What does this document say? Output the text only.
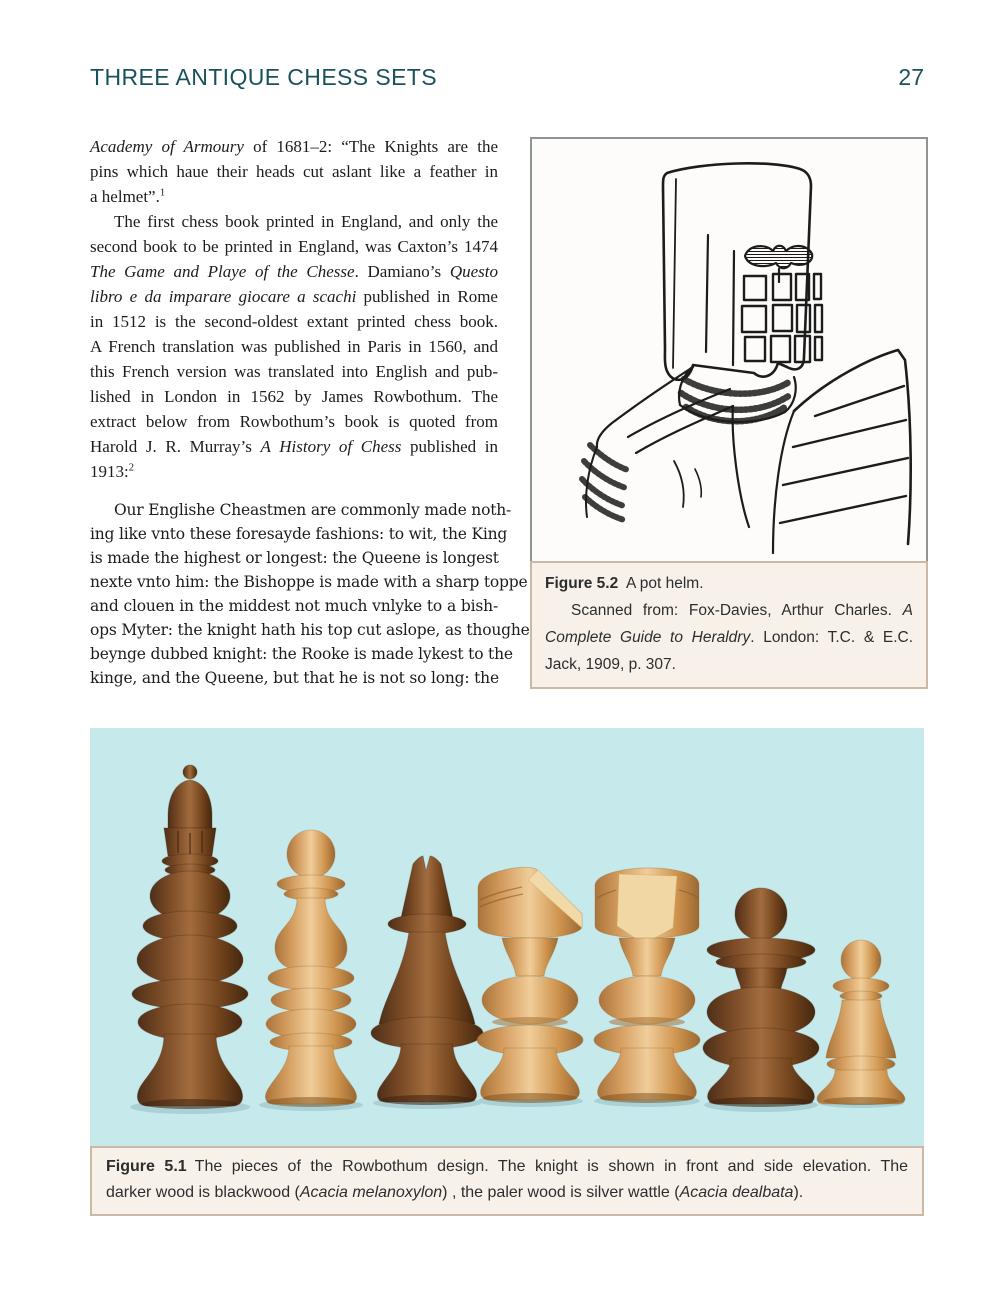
THREE ANTIQUE CHESS SETS	27
Academy of Armoury of 1681–2: “The Knights are the
pins which haue their heads cut aslant like a feather in
a helmet”.$^1$
The first chess book printed in England, and only the
second book to be printed in England, was Caxton’s 1474
The Game and Playe of the Chesse. Damiano’s Questo
libro e da imparare giocare a scachi published in Rome
in 1512 is the second-oldest extant printed chess book.
A French translation was published in Paris in 1560, and
this French version was translated into English and pub-
lished in London in 1562 by James Rowbothum. The
extract below from Rowbothum’s book is quoted from
Harold J. R. Murray’s A History of Chess published in
1913:$^2$
Our Englishe Cheastmen are commonly made noth-
ing like vnto these foresayde fashions: to wit, the King
is made the highest or longest: the Queene is longest
nexte vnto him: the Bishoppe is made with a sharp toppe
and clouen in the middest not much vnlyke to a bish-
ops Myter: the knight hath his top cut aslope, as thoughe
beynge dubbed knight: the Rooke is made lykest to the
kinge, and the Queene, but that he is not so long: the
Figure 5.2 A pot helm.
Scanned from: Fox-Davies, Arthur Charles. A
Complete Guide to Heraldry. London: T.C. & E.C.
Jack, 1909, p. 307.
Figure 5.1 The pieces of the Rowbothum design. The knight is shown in front and side elevation. The
darker wood is blackwood (Acacia melanoxylon) , the paler wood is silver wattle (Acacia dealbata).
